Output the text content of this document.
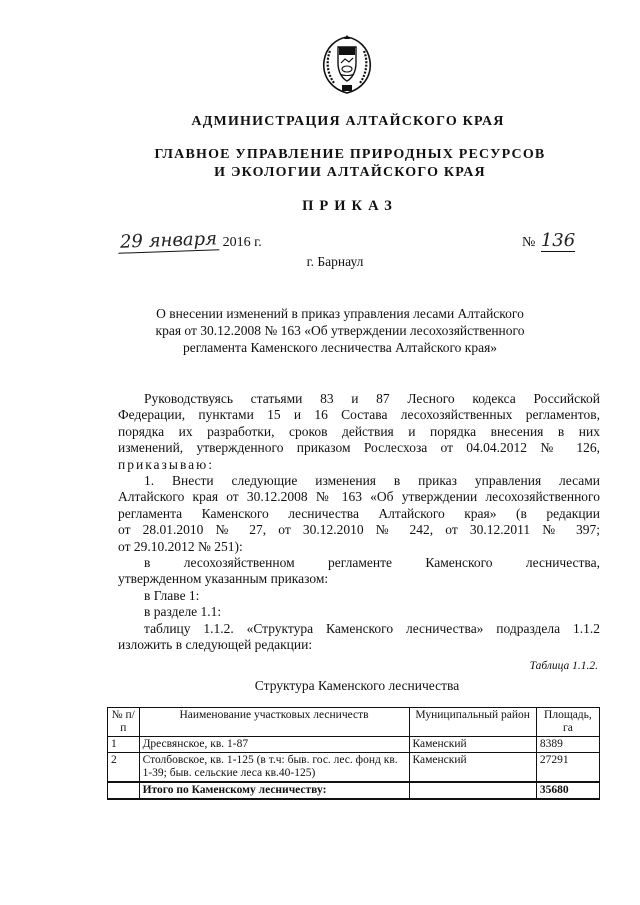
АДМИНИСТРАЦИЯ АЛТАЙСКОГО КРАЯ
ГЛАВНОЕ УПРАВЛЕНИЕ ПРИРОДНЫХ РЕСУРСОВ
И ЭКОЛОГИИ АЛТАЙСКОГО КРАЯ
ПРИКАЗ
29 января 2016 г.	№ 136
г. Барнаул
О внесении изменений в приказ управления лесами Алтайского
края от 30.12.2008 № 163 «Об утверждении лесохозяйственного
регламента Каменского лесничества Алтайского края»
Руководствуясь статьями 83 и 87 Лесного кодекса Российской
Федерации, пунктами 15 и 16 Состава лесохозяйственных регламентов,
порядка их разработки, сроков действия и порядка внесения в них
изменений, утвержденного приказом Рослесхоза от 04.04.2012 № 126,
приказываю:
1. Внести следующие изменения в приказ управления лесами
Алтайского края от 30.12.2008 № 163 «Об утверждении лесохозяйственного
регламента Каменского лесничества Алтайского края» (в редакции
от 28.01.2010 № 27, от 30.12.2010 № 242, от 30.12.2011 № 397;
от 29.10.2012 № 251):
в лесохозяйственном регламенте Каменского лесничества,
утвержденном указанным приказом:
в Главе 1:
в разделе 1.1:
таблицу 1.1.2. «Структура Каменского лесничества» подраздела 1.1.2
изложить в следующей редакции:
Таблица 1.1.2.
Структура Каменского лесничества
№ п/п	Наименование участковых лесничеств	Муниципальный район	Площадь, га
1	Дресвянское, кв. 1-87	Каменский	8389
2	Столбовское, кв. 1-125 (в т.ч: быв. гос. лес. фонд кв. 1-39; быв. сельские леса кв.40-125)	Каменский	27291
	Итого по Каменскому лесничеству:		35680
